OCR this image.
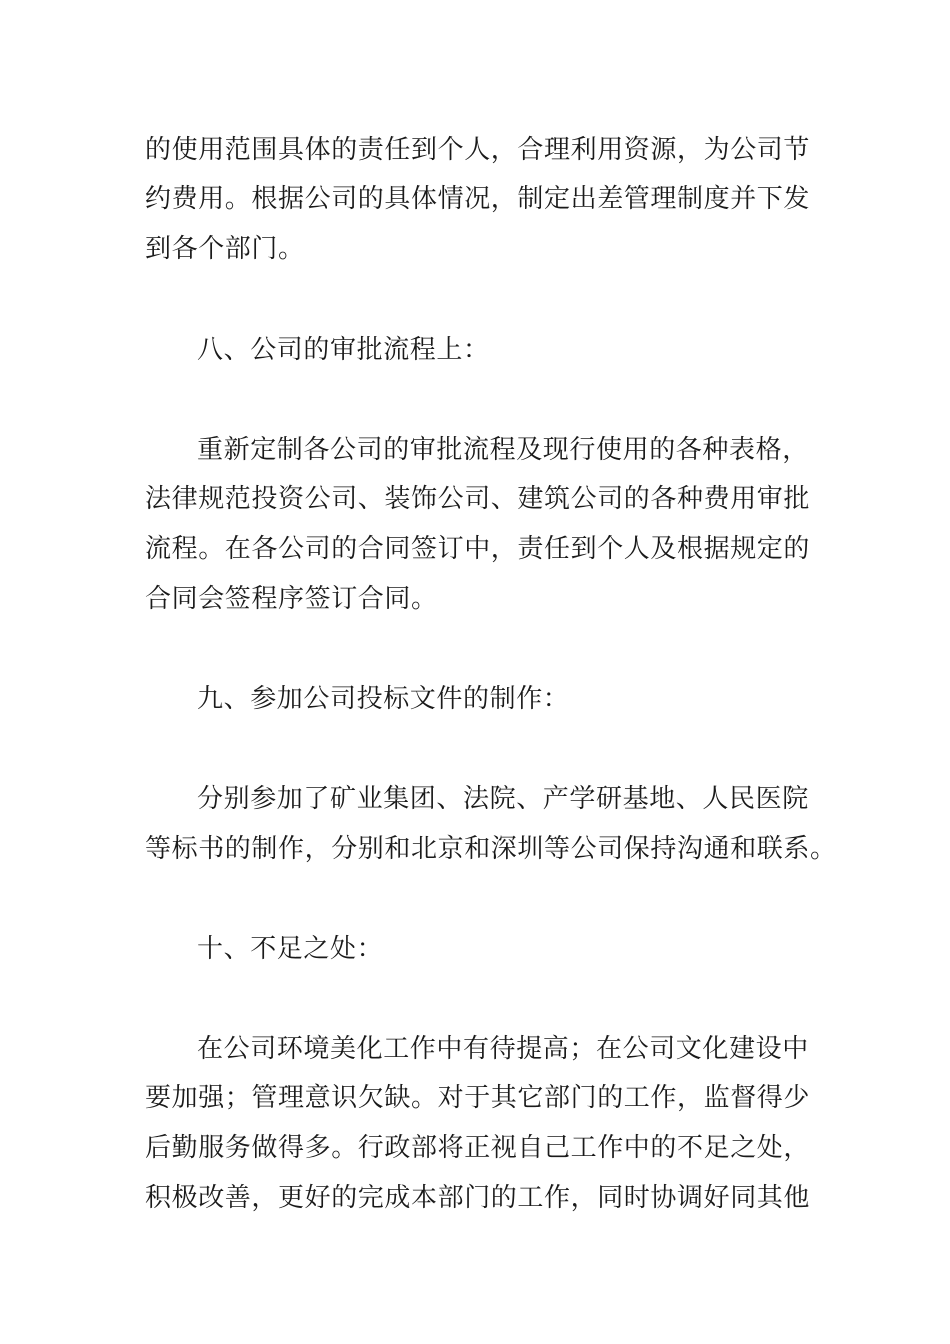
的使用范围具体的责任到个人，合理利用资源，为公司节
约费用。根据公司的具体情况，制定出差管理制度并下发
到各个部门。
八、公司的审批流程上：
重新定制各公司的审批流程及现行使用的各种表格，
法律规范投资公司、装饰公司、建筑公司的各种费用审批
流程。在各公司的合同签订中，责任到个人及根据规定的
合同会签程序签订合同。
九、参加公司投标文件的制作：
分别参加了矿业集团、法院、产学研基地、人民医院
等标书的制作，分别和北京和深圳等公司保持沟通和联系。
十、不足之处：
在公司环境美化工作中有待提高；在公司文化建设中
要加强；管理意识欠缺。对于其它部门的工作，监督得少
后勤服务做得多。行政部将正视自己工作中的不足之处，
积极改善，更好的完成本部门的工作，同时协调好同其他
